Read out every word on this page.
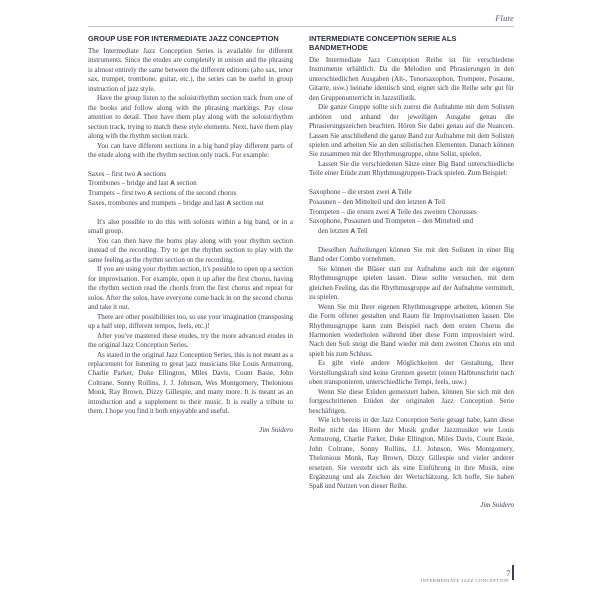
Flute
GROUP USE FOR INTERMEDIATE JAZZ CONCEPTION

The Intermediate Jazz Conception Series is available for different instruments. Since the etudes are completely in unison and the phrasing is almost entirely the same between the different editions (alto sax, tenor sax, trumpet, trombone, guitar, etc.), the series can be useful in group instruction of jazz style.

Have the group listen to the soloist/rhythm section track from one of the books and follow along with the phrasing markings. Pay close attention to detail. Then have them play along with the soloist/rhythm section track, trying to match these style elements. Next, have them play along with the rhythm section track.

You can have different sections in a big band play different parts of the etude along with the rhythm section only track. For example:

Saxes – first two A sections

Trombones – bridge and last A section

Trumpets – first two A sections of the second chorus

Saxes, trombones and trumpets – bridge and last A section out

It's also possible to do this with soloists within a big band, or in a small group.

You can then have the horns play along with your rhythm section instead of the recording. Try to get the rhythm section to play with the same feeling as the rhythm section on the recording.

If you are using your rhythm section, it's possible to open up a section for improvisation. For example, open it up after the first chorus, having the rhythm section read the chords from the first chorus and repeat for solos. After the solos, have everyone come back in on the second chorus and take it out.

There are other possibilities too, so use your imagination (transposing up a half step, different tempos, feels, etc.)!

After you've mastered these etudes, try the more advanced etudes in the original Jazz Conception Series.

As stated in the original Jazz Conception Series, this is not meant as a replacement for listening to great jazz musicians like Louis Armstrong, Charlie Parker, Duke Ellington, Miles Davis, Count Basie, John Coltrane, Sonny Rollins, J. J. Johnson, Wes Montgomery, Thelonious Monk, Ray Brown, Dizzy Gillespie, and many more. It is meant as an introduction and a supplement to their music. It is really a tribute to them. I hope you find it both enjoyable and useful.

Jim Snidero
INTERMEDIATE CONCEPTION SERIE ALS BANDMETHODE

Die Intermediate Jazz Conception Reihe ist für verschiedene Instrumente erhältlich. Da die Melodien und Phrasierungen in den unterschiedlichen Ausgaben (Alt-, Tenorsaxophon, Trompete, Posaune, Gitarre, usw.) beinahe identisch sind, eignet sich die Reihe sehr gut für den Gruppenunterricht in Jazzstilistik.

Die ganze Gruppe sollte sich zuerst die Aufnahme mit dem Solisten anhören und anhand der jeweiligen Ausgabe genau die Phrasierungszeichen beachten. Hören Sie dabei genau auf die Nuancen. Lassen Sie anschließend die ganze Band zur Aufnahme mit dem Solisten spielen und arbeiten Sie an den stilistischen Elementen. Danach können Sie zusammen mit der Rhythmusgruppe, ohne Solist, spielen.

Lassen Sie die verschiedenen Sätze einer Big Band unterschiedliche Teile einer Etüde zum Rhythmusgruppen-Track spielen. Zum Beispiel:

Saxophone – die ersten zwei A Teile

Posaunen – den Mittelteil und den letzten A Teil

Trompeten – die ersten zwei A Teile des zweiten Chorusses

Saxophone, Posaunen und Trompeten – den Mittelteil und

den letzten A Teil

Dieselben Aufteilungen können Sie mit den Solisten in einer Big Band oder Combo vornehmen.

Sie können die Bläser statt zur Aufnahme auch mit der eigenen Rhythmusgruppe spielen lassen. Diese sollte versuchen, mit dem gleichen Feeling, das die Rhythmusgruppe auf der Aufnahme vermittelt, zu spielen.

Wenn Sie mit Ihrer eigenen Rhythmusgruppe arbeiten, können Sie die Form offener gestalten und Raum für Improvisationen lassen. Die Rhythmusgruppe kann zum Beispiel nach dem ersten Chorus die Harmonien wiederholen während über diese Form improvisiert wird. Nach den Soli steigt die Band wieder mit dem zweiten Chorus ein und spielt bis zum Schluss.

Es gibt viele andere Möglichkeiten der Gestaltung, Ihrer Vorstellungskraft sind keine Grenzen gesetzt (einen Halbtonschritt nach oben transponieren, unterschiedliche Tempi, feels, usw.)

Wenn Sie diese Etüden gemeistert haben, können Sie sich mit den fortgeschrittenen Etüden der originalen Jazz Conception Serie beschäftigen.

Wie ich bereits in der Jazz Conception Serie gesagt habe, kann diese Reihe nicht das Hören der Musik großer Jazzmusiker wie Louis Armstrong, Charlie Parker, Duke Ellington, Miles Davis, Count Basie, John Coltrane, Sonny Rollins, J.J. Johnson, Wes Montgomery, Thelonious Monk, Ray Brown, Dizzy Gillespie und vieler anderer ersetzen. Sie versteht sich als eine Einführung in ihre Musik, eine Ergänzung und als Zeichen der Wertschätzung. Ich hoffe, Sie haben Spaß und Nutzen von dieser Reihe.

Jim Snidero
7
INTERMEDIATE JAZZ CONCEPTION
